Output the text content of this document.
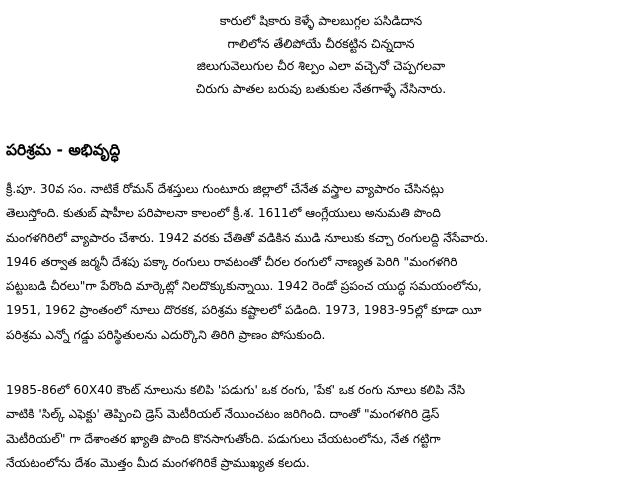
కారులో షికారు కెళ్ళే పాలబుగ్గల పసిడిదాన
గాలిలోన తేలిపోయే చీరకట్టిన చిన్నదాన
జిలుగువెలుగుల చీర శిల్పం ఎలా వచ్చెనో చెప్పగలవా
చిరుగు పాతల బరువు బతుకుల నేతగాళ్ళే నేసినారు.
పరిశ్రమ - అభివృద్ధి
క్రీ.పూ. 30వ సం. నాటికే రోమన్ దేశస్తులు గుంటూరు జిల్లాలో చేనేత వస్త్రాల వ్యాపారం చేసినట్లు
తెలుస్తోంది. కుతుబ్ షాహీల పరిపాలనా కాలంలో క్రీ.శ. 1611లో ఆంగ్లేయులు అనుమతి పొంది
మంగళగిరిలో వ్యాపారం చేశారు. 1942 వరకు చేతితో వడికిన ముడి నూలుకు కచ్చా రంగులద్ది నేసేవారు.
1946 తర్వాత జర్మనీ దేశపు పక్కా రంగులు రావటంతో చీరల రంగులో నాణ్యత పెరిగి "మంగళగిరి
పట్టుబడి చీరలు"గా పేరొంది మార్కెట్లో నిలదొక్కుకున్నాయి. 1942 రెండో ప్రపంచ యుద్ధ సమయంలోను,
1951, 1962 ప్రాంతంలో నూలు దొరకక, పరిశ్రమ కష్టాలలో పడింది. 1973, 1983-95ల్లో కూడా యీ
పరిశ్రమ ఎన్నో గడ్డు పరిస్థితులను ఎదుర్కొని తిరిగి ప్రాణం పోసుకుంది.
1985-86లో 60X40 కౌంట్ నూలును కలిపి 'పడుగు' ఒక రంగు, 'పేక' ఒక రంగు నూలు కలిపి నేసి
వాటికి 'సిల్క్ ఎఫెక్టు' తెప్పించి డ్రెస్ మెటీరియల్ నేయించటం జరిగింది. దాంతో "మంగళగిరి డ్రెస్
మెటీరియల్" గా దేశాంతర ఖ్యాతి పొంది కొనసాగుతోంది. పడుగులు చేయటంలోను, నేత గట్టిగా
నేయటంలోను దేశం మొత్తం మీద మంగళగిరికే ప్రాముఖ్యత కలదు.
